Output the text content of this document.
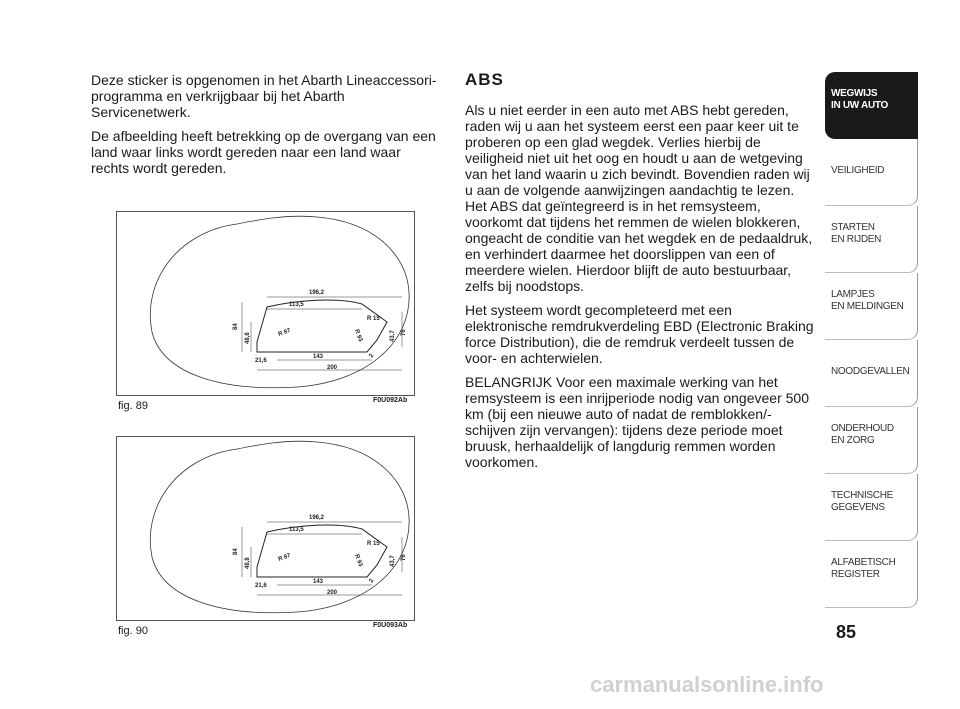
Deze sticker is opgenomen in het Abarth Lineaccessori-programma en verkrijgbaar bij het Abarth Servicenetwerk.

De afbeelding heeft betrekking op de overgang van een land waar links wordt gereden naar een land waar rechts wordt gereden.

196,2
113,5
R 15
84
48,8	R 87	R 93	43,7 76
21,6
143	2
200
fig. 89	F0U092Ab
196,2
113,5
R 15
84
48,8	R 87	R 93	43,7 76
21,6
143	2
200
fig. 90	F0U093Ab
ABS

Als u niet eerder in een auto met ABS hebt gereden, raden wij u aan het systeem eerst een paar keer uit te proberen op een glad wegdek. Verlies hierbij de veiligheid niet uit het oog en houdt u aan de wetgeving van het land waarin u zich bevindt. Bovendien raden wij u aan de volgende aanwijzingen aandachtig te lezen. Het ABS dat geïntegreerd is in het remsysteem, voorkomt dat tijdens het remmen de wielen blokkeren, ongeacht de conditie van het wegdek en de pedaaldruk, en verhindert daarmee het doorslippen van een of meerdere wielen. Hierdoor blijft de auto bestuurbaar, zelfs bij noodstops.

Het systeem wordt gecompleteerd met een elektronische remdrukverdeling EBD (Electronic Braking force Distribution), die de remdruk verdeelt tussen de voor- en achterwielen.

BELANGRIJK Voor een maximale werking van het remsysteem is een inrijperiode nodig van ongeveer 500 km (bij een nieuwe auto of nadat de remblokken/-schijven zijn vervangen): tijdens deze periode moet bruusk, herhaaldelijk of langdurig remmen worden voorkomen.

WEGWIJS
IN UW AUTO
VEILIGHEID
STARTEN
EN RIJDEN
LAMPJES
EN MELDINGEN
NOODGEVALLEN
ONDERHOUD
EN ZORG
TECHNISCHE
GEGEVENS
ALFABETISCH
REGISTER
85
carmanualsonline.info
